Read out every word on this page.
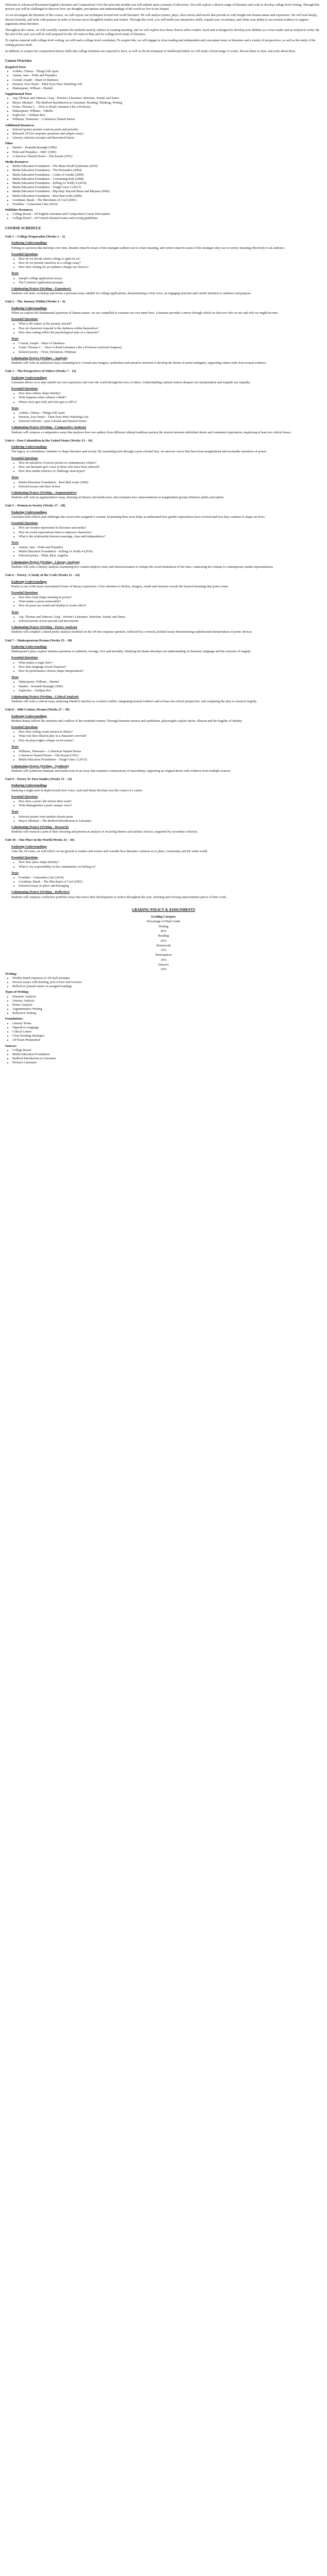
Welcome to Advanced Placement English Literature and Composition! Over the next nine months you will embark upon a journey of discovery. You will explore a diverse range of literature and work to develop college-level writing. Through this process you will be challenged to discover how our thoughts, perceptions and understandings of the world we live in are shaped.

As we investigate the literature of this course, we will expose our techniques toward real world literature. We will analyze poems, plays, short stories and novels that provide us with insight into human nature and experience. We will read deeply, discuss honestly, and write with purpose in order to become more thoughtful readers and writers. Through this work, you will build your interpretive skills, expand your vocabulary, and refine your ability to use textual evidence to support arguments about literature.

Throughout the course, we will carefully examine the methods used by authors in creating meaning, and we will explore how those choices affect readers. Each unit is designed to develop your abilities as a close reader and an analytical writer. By the end of the year, you will be well prepared for the AP exam in May and for college-level study of literature.

To explore material with college-level writing, we will read a college-level vocabulary. To acquire this, we will engage in close reading and independent and conceptual notes on literature and a variety of perspectives, as well as the study of the writing process itself.

In addition, to acquire the composition history skills that college freshmen are expected to have, as well as the development of intellectual habits we will study a broad range of works, discuss them in class, and write about them.

Course Overview
Required Texts
• Achebe, Chinua – Things Fall Apart
• Austen, Jane – Pride and Prejudice
• Conrad, Joseph – Heart of Darkness
• Hurston, Zora Neale – Their Eyes Were Watching God
• Shakespeare, William – Hamlet
Supplemental Texts
• Arp, Thomas and Johnson, Greg – Perrine's Literature: Structure, Sound, and Sense
• Meyer, Michael – The Bedford Introduction to Literature: Reading, Thinking, Writing
• Foster, Thomas C. – How to Read Literature Like a Professor
• Shakespeare, William – Othello
• Sophocles – Oedipus Rex
• Williams, Tennessee – A Streetcar Named Desire
Additional Resources
• Selected poetry packets (various poets and periods)
• Released AP free-response questions and sample essays
• Literary criticism excerpts and theoretical lenses
Films
• Hamlet – Kenneth Branagh (1996)
• Pride and Prejudice – BBC (1995)
• A Streetcar Named Desire – Elia Kazan (1951)
Media Resources
• Media Education Foundation – The Mean World Syndrome (2010)
• Media Education Foundation – The Persuaders (2004)
• Media Education Foundation – Codes of Gender (2009)
• Media Education Foundation – Consuming Kids (2008)
• Media Education Foundation – Killing Us Softly 4 (2010)
• Media Education Foundation – Tough Guise 2 (2013)
• Media Education Foundation – Hip-Hop: Beyond Beats and Rhymes (2006)
• Media Education Foundation – Reel Bad Arabs (2006)
• Goodman, Barak – The Merchants of Cool (2001)
• Frontline – Generation Like (2014)
Publisher Resources
• College Board – AP English Literature and Composition Course Description
• College Board – AP Central released exams and scoring guidelines
COURSE SCHEDULE
Unit 1 – College Preparation (Weeks 1 – 2)
Enduring Understandings

Writing is a process that develops over time. Readers must be aware of the strategies authors use to create meaning, and writers must be aware of the strategies they use to convey meaning effectively to an audience.

Essential Questions
• How do we decide which college is right for us?
• How do we present ourselves in a college essay?
• How does writing for an audience change our choices?
Texts
• Sample college application essays
• The Common Application prompts
Culminating Project (Writing – Expository)

Students will draft, workshop and revise a personal essay suitable for college applications, demonstrating a clear voice, an engaging structure and careful attention to audience and purpose.

Unit 2 – The Journey Within (Weeks 3 – 6)
Enduring Understandings

When we explore the fundamental questions of human nature, we are compelled to examine our own inner lives. Literature provides a mirror through which we discover who we are and who we might become.

Essential Questions
• What is the nature of the journey inward?
• How do characters respond to the darkness within themselves?
• How does setting reflect the psychological state of a character?
Texts
• Conrad, Joseph – Heart of Darkness
• Foster, Thomas C. – How to Read Literature Like a Professor (selected chapters)
• Selected poetry – Frost, Dickinson, Whitman
Culminating Project (Writing – Analysis)

Students will write an analytical essay examining how Conrad uses imagery, symbolism and narrative structure to develop the theme of moral ambiguity, supporting claims with close textual evidence.

Unit 3 – The Perspectives of Others (Weeks 7 – 12)
Enduring Understandings

Literature allows us to step outside our own experience and view the world through the eyes of others. Understanding cultural context deepens our interpretation and expands our empathy.

Essential Questions
• How does culture shape identity?
• What happens when cultures collide?
• Whose story gets told, and who gets to tell it?
Texts
• Achebe, Chinua – Things Fall Apart
• Hurston, Zora Neale – Their Eyes Were Watching God
• Selected criticism – post-colonial and feminist lenses
Culminating Project (Writing – Comparative Analysis)

Students will compose a comparative essay that analyzes how two authors from different cultural traditions portray the tension between individual desire and communal expectation, employing at least two critical lenses.

Unit 4 – Post-Colonialism in the United States (Weeks 13 – 16)
Enduring Understandings

The legacy of colonialism continues to shape literature and society. By examining texts through a post-colonial lens, we uncover voices that have been marginalized and reconsider narratives of power.

Essential Questions
• How do narratives of power persist in contemporary culture?
• How can literature give voice to those who have been silenced?
• How does media reinforce or challenge stereotypes?
Texts
• Media Education Foundation – Reel Bad Arabs (2006)
• Selected essays and short fiction
Culminating Project (Writing – Argumentative)

Students will craft an argumentative essay, drawing on literary and media texts, that evaluates how representations of marginalized groups influence public perception.

Unit 5 – Women in Society (Weeks 17 – 20)
Enduring Understandings

Literature both reflects and challenges the social roles assigned to women. Examining these texts helps us understand how gender expectations have evolved and how they continue to shape our lives.

Essential Questions
• How are women represented in literature and media?
• How do social expectations limit or empower characters?
• What is the relationship between marriage, class and independence?
Texts
• Austen, Jane – Pride and Prejudice
• Media Education Foundation – Killing Us Softly 4 (2010)
• Selected poetry – Plath, Rich, Angelou
Culminating Project (Writing – Literary Analysis)

Students will write a literary analysis examining how Austen employs irony and characterization to critique the social institutions of her time, connecting her critique to contemporary media representations.

Unit 6 – Poetry: A Study of the Craft (Weeks 21 – 24)
Enduring Understandings

Poetry is one of the most concentrated forms of literary expression. Close attention to diction, imagery, sound and structure reveals the layered meanings that poets create.

Essential Questions
• How does form shape meaning in poetry?
• What makes a poem memorable?
• How do poets use sound and rhythm to create effect?
Texts
• Arp, Thomas and Johnson, Greg – Perrine's Literature: Structure, Sound, and Sense
• Selected poems across periods and movements
Culminating Project (Writing – Poetry Analysis)

Students will complete a timed poetry analysis modeled on the AP free-response question, followed by a revised, polished essay demonstrating sophisticated interpretation of poetic devices.

Unit 7 – Shakespearean Drama (Weeks 25 – 30)
Enduring Understandings

Shakespeare's plays explore timeless questions of ambition, revenge, love and mortality. Studying his drama develops our understanding of character, language and the structure of tragedy.

Essential Questions
• What makes a tragic hero?
• How does language reveal character?
• How do performance choices shape interpretation?
Texts
• Shakespeare, William – Hamlet
• Hamlet – Kenneth Branagh (1996)
• Sophocles – Oedipus Rex
Culminating Project (Writing – Critical Analysis)

Students will write a critical essay analyzing Hamlet's inaction as a central conflict, integrating textual evidence and at least one critical perspective, and comparing the play to classical tragedy.

Unit 8 – 20th Century Drama (Weeks 27 – 30)
Enduring Understandings

Modern drama reflects the anxieties and conflicts of the twentieth century. Through dramatic tension and symbolism, playwrights explore desire, illusion and the fragility of identity.

Essential Questions
• How does setting create tension in drama?
• What role does illusion play in a character's survival?
• How do playwrights critique social norms?
Texts
• Williams, Tennessee – A Streetcar Named Desire
• A Streetcar Named Desire – Elia Kazan (1951)
• Media Education Foundation – Tough Guise 2 (2013)
Culminating Project (Writing – Synthesis)

Students will synthesize dramatic and media texts in an essay that examines constructions of masculinity, supporting an original thesis with evidence from multiple sources.

Unit 9 – Poetry II: Poet Studies (Weeks 31 – 32)
Enduring Understandings

Studying a single poet in depth reveals how voice, style and theme develop over the course of a career.

Essential Questions
• How does a poet's life inform their work?
• What distinguishes a poet's unique voice?
Texts
• Selected poems from student-chosen poets
• Meyer, Michael – The Bedford Introduction to Literature
Culminating Project (Writing – Research)

Students will research a poet of their choosing and present an analysis of recurring themes and stylistic choices, supported by secondary criticism.

Unit 10 – One Place in the World (Weeks 33 – 36)
Enduring Understandings

After the AP exam, we will reflect on our growth as readers and writers and consider how literature connects us to place, community and the wider world.

Essential Questions
• How does place shape identity?
• What is our responsibility to the communities we belong to?
Texts
• Frontline – Generation Like (2014)
• Goodman, Barak – The Merchants of Cool (2001)
• Selected essays on place and belonging
Culminating Project (Writing – Reflective)

Students will compose a reflective portfolio essay that traces their development as writers throughout the year, selecting and revising representative pieces of their work.

GRADING POLICY & ASSIGNMENTS
Grading Category
Percentage of Final Grade
Writing
40%
Reading
25%
Homework
15%
Participation
10%
Quizzes
10%
Writing:
• Weekly timed responses to AP-style prompts
• Process essays with drafting, peer review and revision
• Reflective journal entries on assigned readings
Types of Writing:
• Dramatic Analysis
• Literary Analysis
• Poetry Analysis
• Argumentative Writing
• Reflective Writing
Foundations:
• Literary Terms
• Figurative Language
• Critical Lenses
• Close Reading Strategies
• AP Exam Preparation
Sources:
• College Board
• Media Education Foundation
• Bedford Introduction to Literature
• Perrine's Literature
